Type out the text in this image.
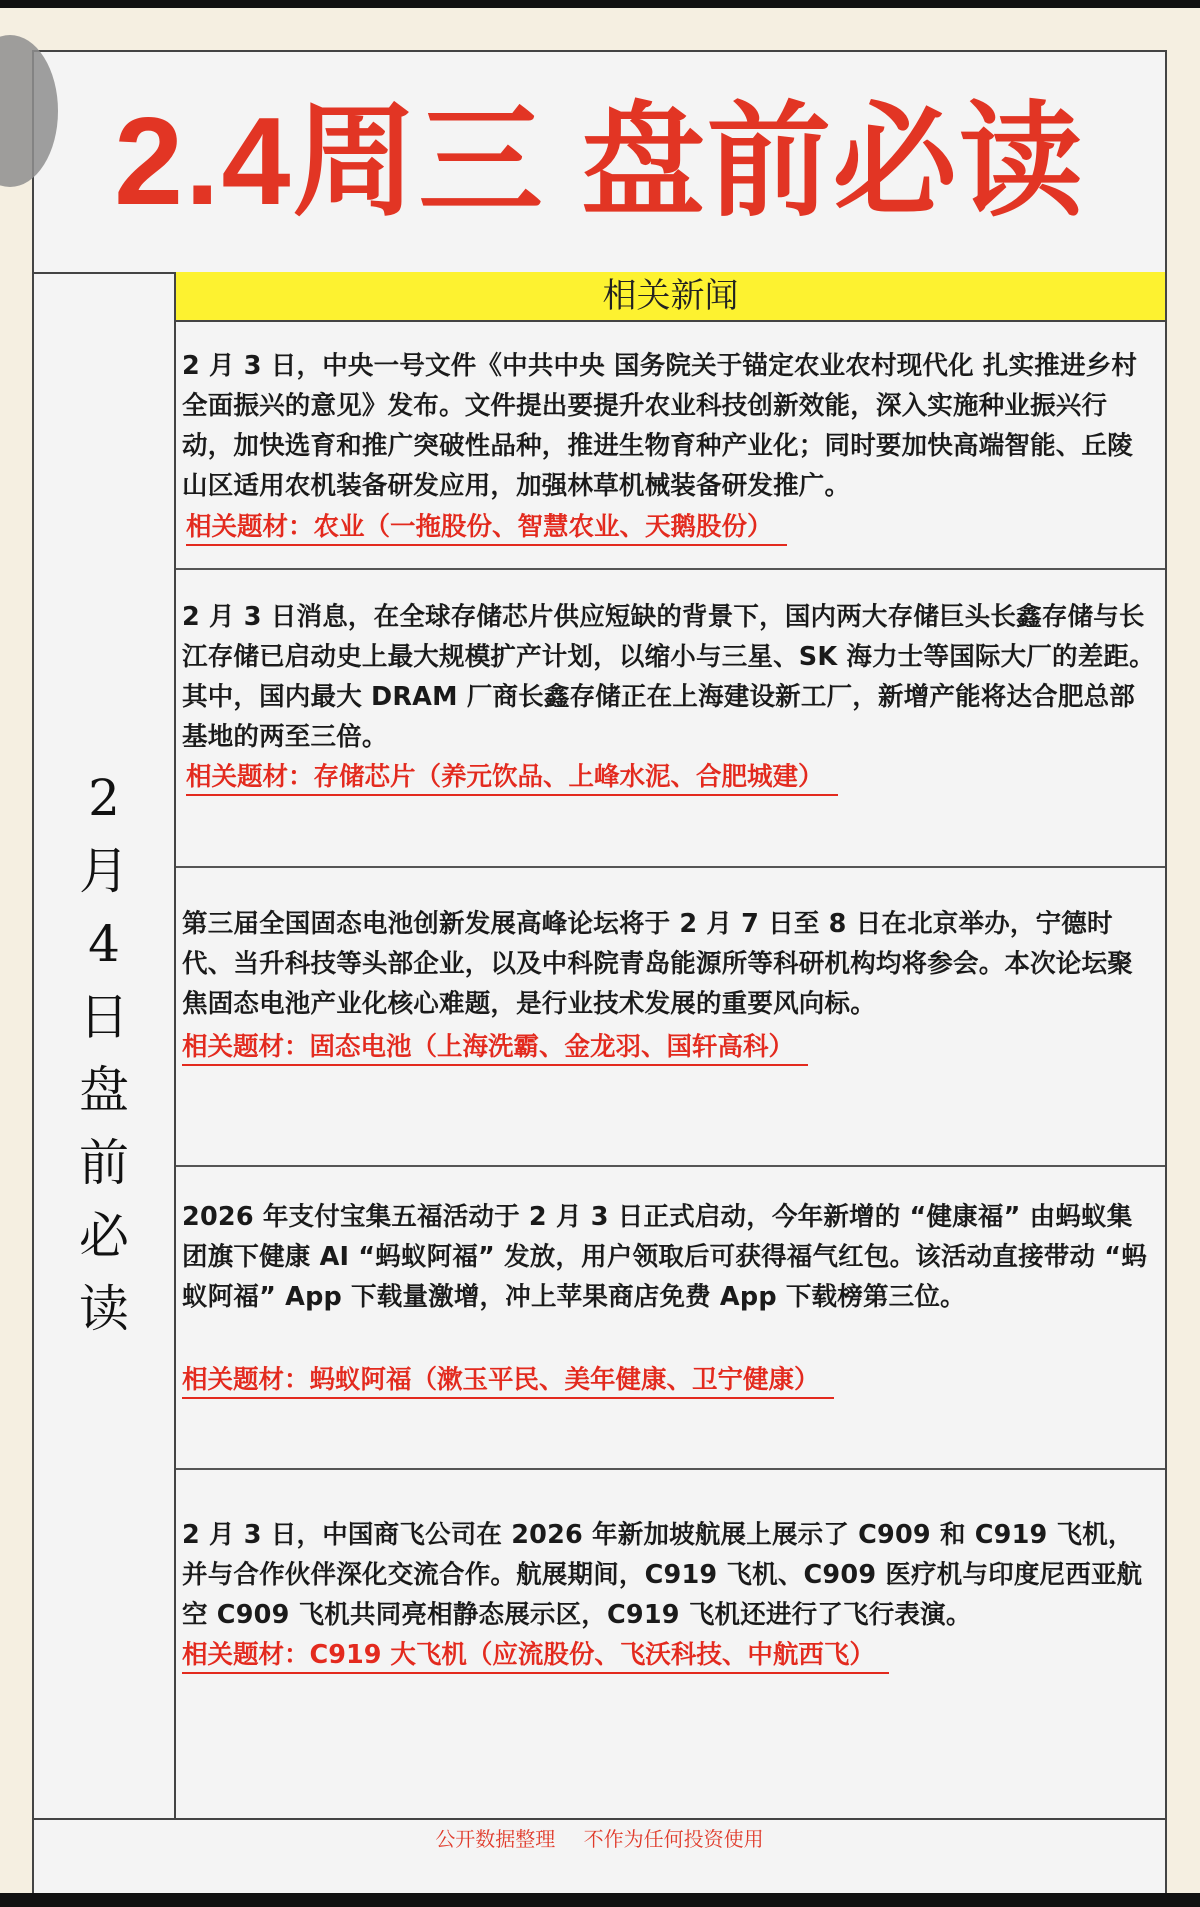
2.4周三 盘前必读
2
月
4
日
盘
前
必
读
相关新闻
2 月 3 日，中央一号文件《中共中央 国务院关于锚定农业农村现代化 扎实推进乡村全面振兴的意见》发布。文件提出要提升农业科技创新效能，深入实施种业振兴行动，加快选育和推广突破性品种，推进生物育种产业化；同时要加快高端智能、丘陵山区适用农机装备研发应用，加强林草机械装备研发推广。
相关题材：农业（一拖股份、智慧农业、天鹅股份）
2 月 3 日消息，在全球存储芯片供应短缺的背景下，国内两大存储巨头长鑫存储与长江存储已启动史上最大规模扩产计划，以缩小与三星、SK 海力士等国际大厂的差距。其中，国内最大 DRAM 厂商长鑫存储正在上海建设新工厂，新增产能将达合肥总部基地的两至三倍。
相关题材：存储芯片（养元饮品、上峰水泥、合肥城建）
第三届全国固态电池创新发展高峰论坛将于 2 月 7 日至 8 日在北京举办，宁德时代、当升科技等头部企业，以及中科院青岛能源所等科研机构均将参会。本次论坛聚焦固态电池产业化核心难题，是行业技术发展的重要风向标。
相关题材：固态电池（上海洗霸、金龙羽、国轩高科）
2026 年支付宝集五福活动于 2 月 3 日正式启动，今年新增的 “健康福” 由蚂蚁集团旗下健康 AI “蚂蚁阿福” 发放，用户领取后可获得福气红包。该活动直接带动 “蚂蚁阿福” App 下载量激增，冲上苹果商店免费 App 下载榜第三位。
相关题材：蚂蚁阿福（漱玉平民、美年健康、卫宁健康）
2 月 3 日，中国商飞公司在 2026 年新加坡航展上展示了 C909 和 C919 飞机，并与合作伙伴深化交流合作。航展期间，C919 飞机、C909 医疗机与印度尼西亚航空 C909 飞机共同亮相静态展示区，C919 飞机还进行了飞行表演。
相关题材：C919 大飞机（应流股份、飞沃科技、中航西飞）
公开数据整理 不作为任何投资使用
